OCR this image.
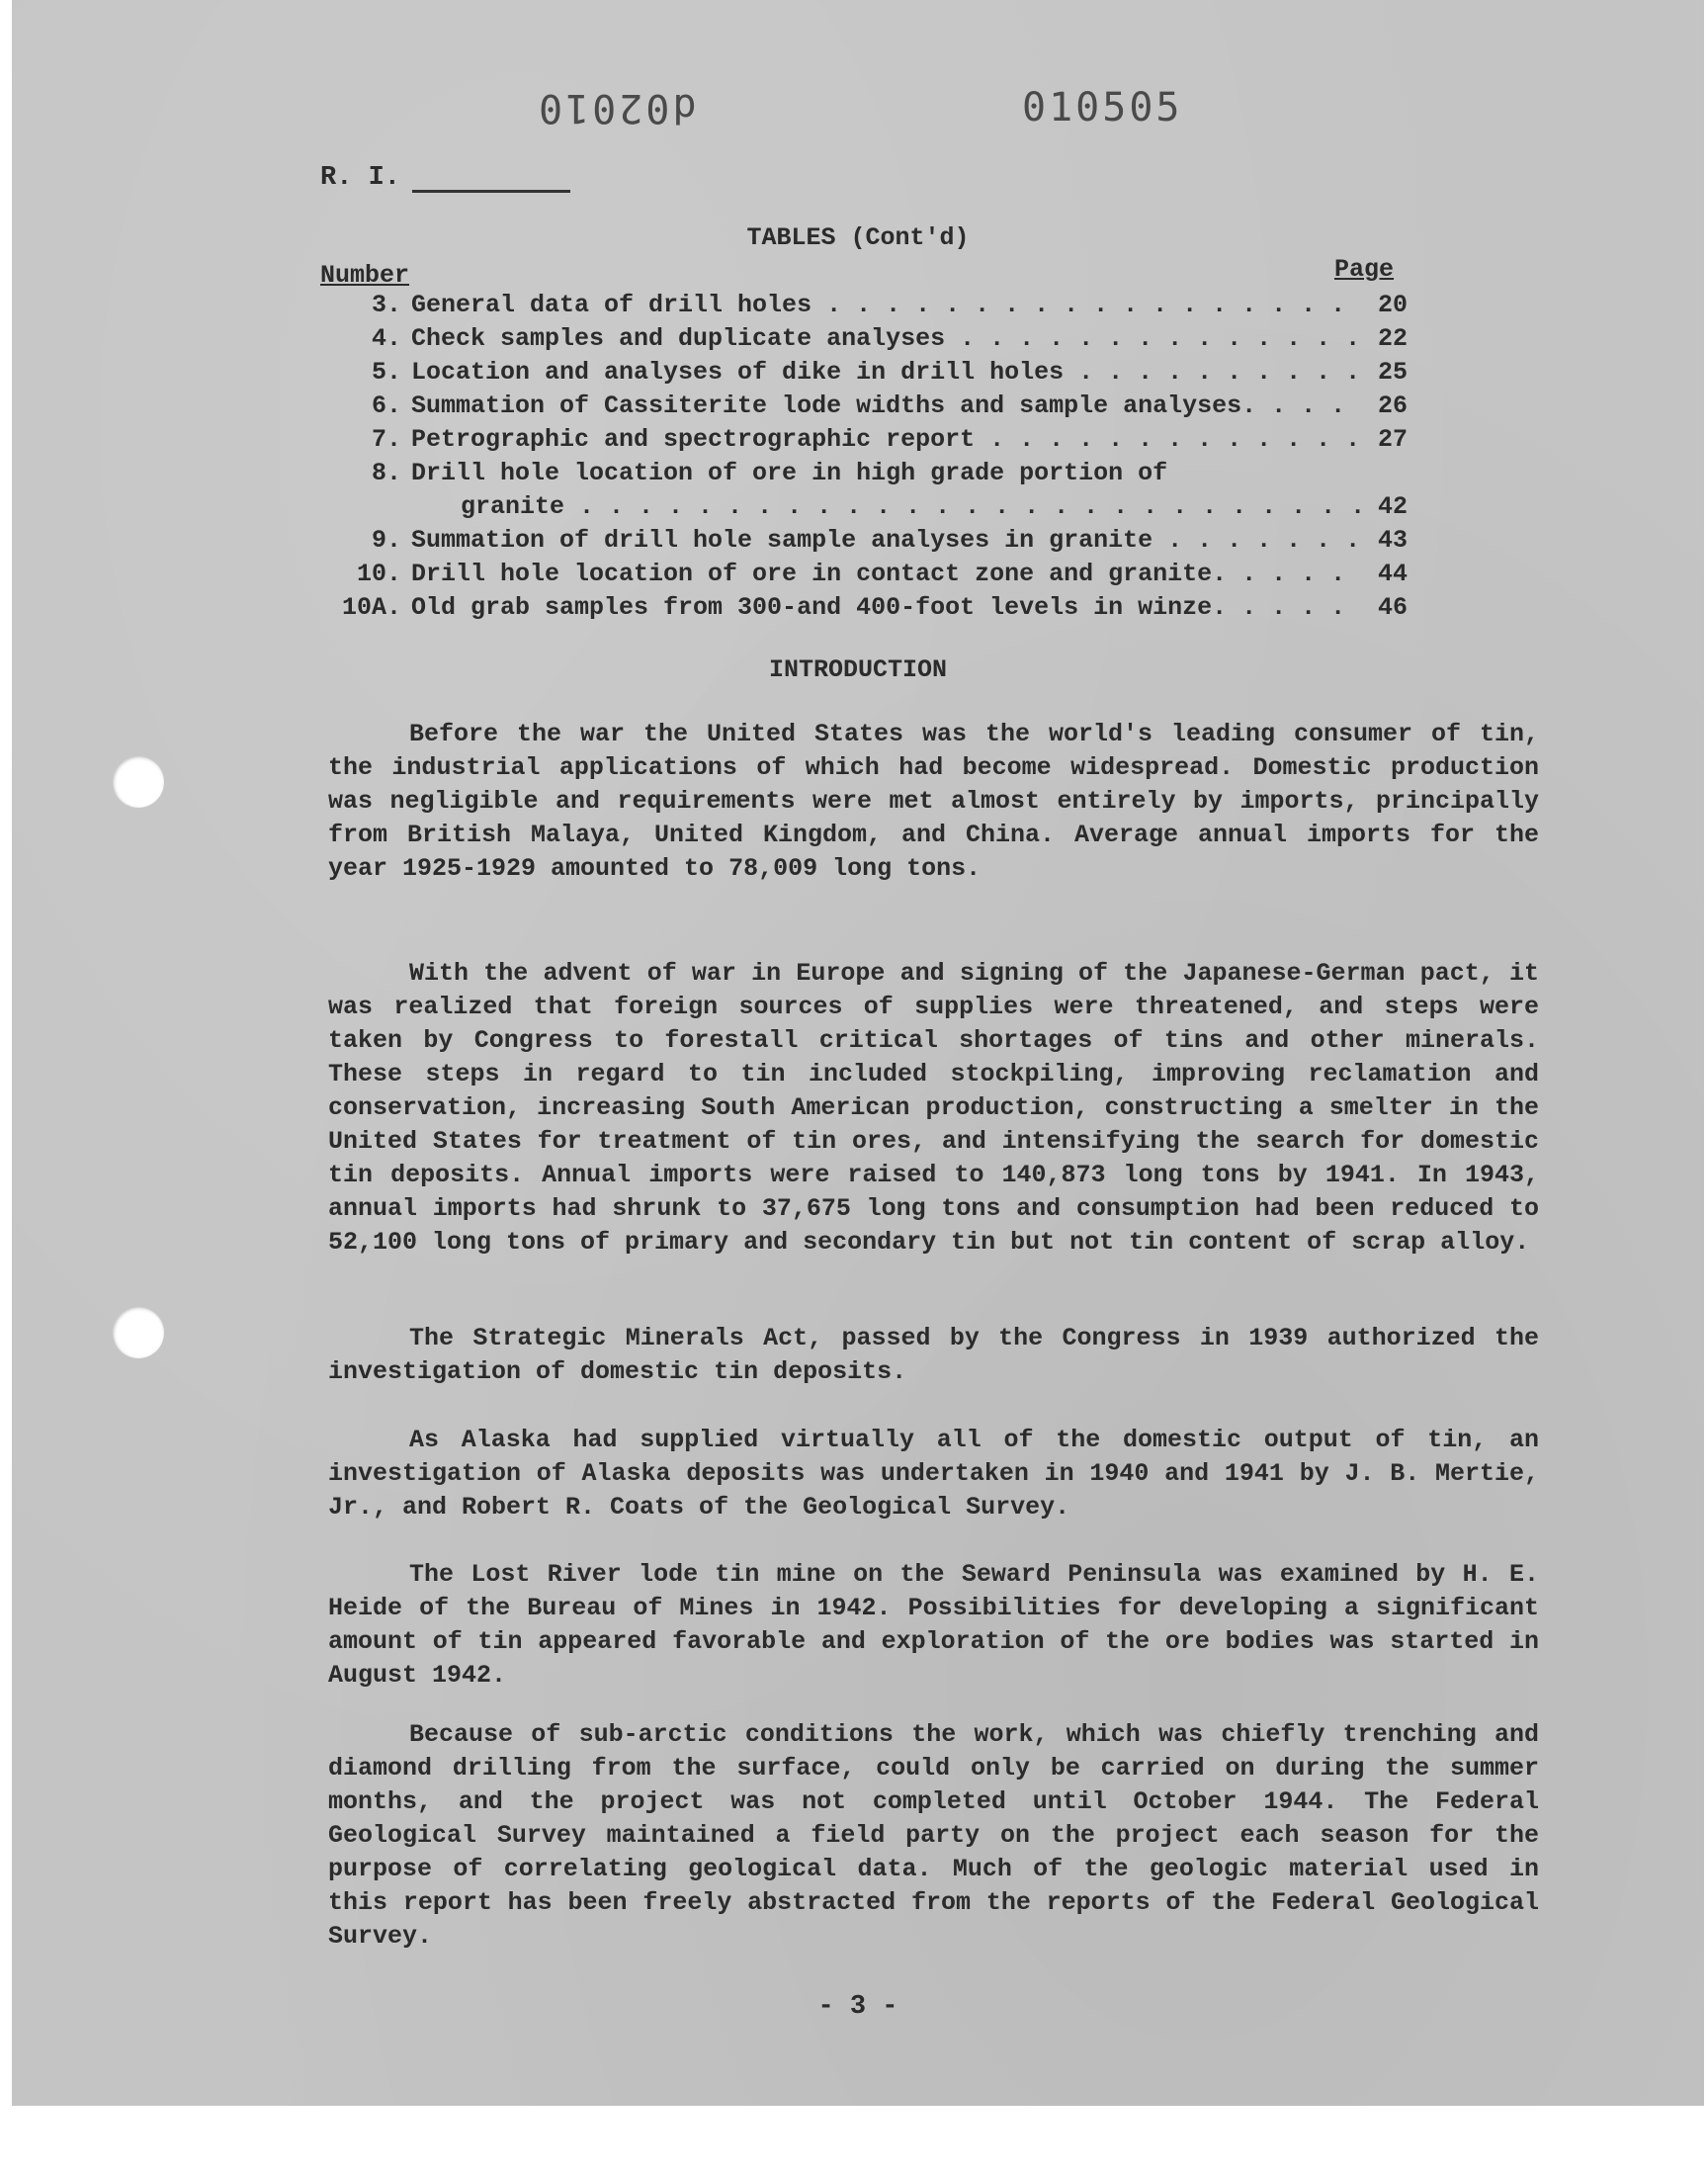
d02010	010505
R. I.
TABLES (Cont'd)
Number	Page
3. General data of drill holes . . .	20
4. Check samples and duplicate analyses . . .	22
5. Location and analyses of dike in drill holes . . .	25
6. Summation of Cassiterite lode widths and sample analyses. . . .	26
7. Petrographic and spectrographic report . . .	27
8. Drill hole location of ore in high grade portion of
granite . . .	42
9. Summation of drill hole sample analyses in granite . . .	43
10. Drill hole location of ore in contact zone and granite. . . .	44
10A. Old grab samples from 300-and 400-foot levels in winze. . . .	46
INTRODUCTION

Before the war the United States was the world's leading consumer of tin, the industrial applications of which had become widespread. Domestic production was negligible and requirements were met almost entirely by imports, principally from British Malaya, United Kingdom, and China. Average annual imports for the year 1925-1929 amounted to 78,009 long tons.

With the advent of war in Europe and signing of the Japanese-German pact, it was realized that foreign sources of supplies were threatened, and steps were taken by Congress to forestall critical shortages of tins and other minerals. These steps in regard to tin included stockpiling, improving reclamation and conservation, increasing South American production, constructing a smelter in the United States for treatment of tin ores, and intensifying the search for domestic tin deposits. Annual imports were raised to 140,873 long tons by 1941. In 1943, annual imports had shrunk to 37,675 long tons and consumption had been reduced to 52,100 long tons of primary and secondary tin but not tin content of scrap alloy.

The Strategic Minerals Act, passed by the Congress in 1939 authorized the investigation of domestic tin deposits.

As Alaska had supplied virtually all of the domestic output of tin, an investigation of Alaska deposits was undertaken in 1940 and 1941 by J. B. Mertie, Jr., and Robert R. Coats of the Geological Survey.

The Lost River lode tin mine on the Seward Peninsula was examined by H. E. Heide of the Bureau of Mines in 1942. Possibilities for developing a significant amount of tin appeared favorable and exploration of the ore bodies was started in August 1942.

Because of sub-arctic conditions the work, which was chiefly trenching and diamond drilling from the surface, could only be carried on during the summer months, and the project was not completed until October 1944. The Federal Geological Survey maintained a field party on the project each season for the purpose of correlating geological data. Much of the geologic material used in this report has been freely abstracted from the reports of the Federal Geological Survey.

- 3 -
